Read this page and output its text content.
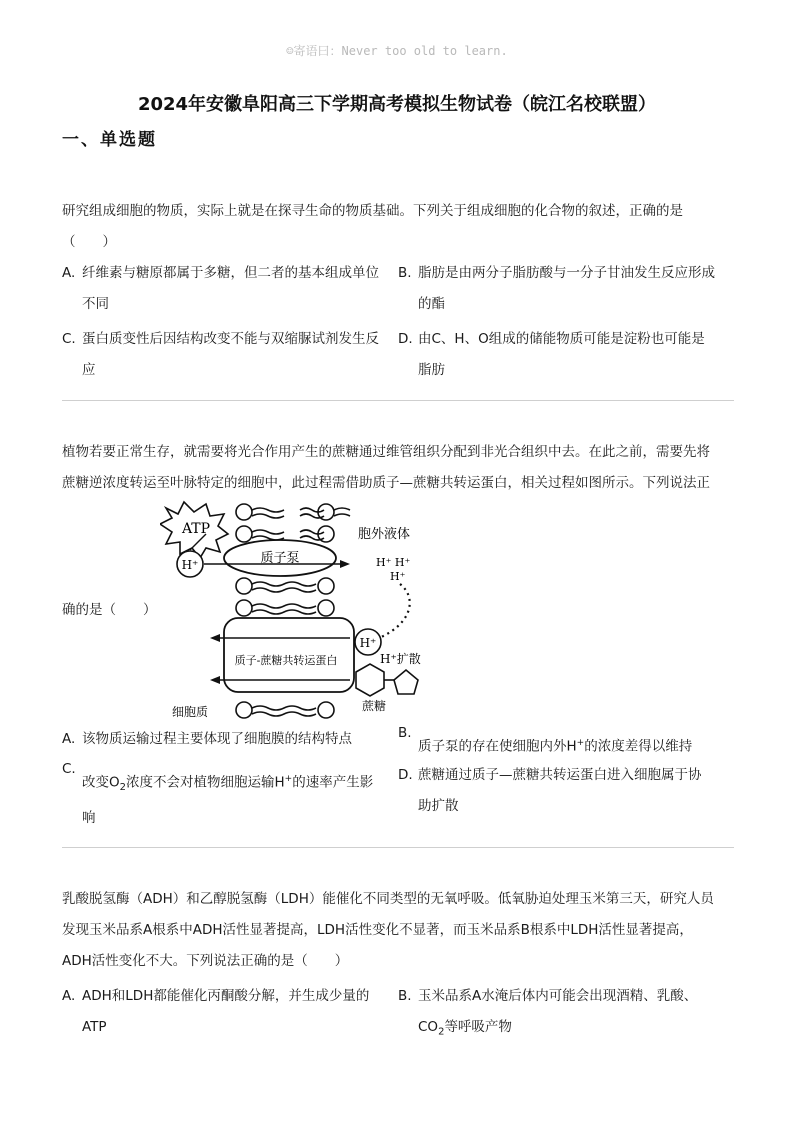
☺寄语曰：Never too old to learn.
2024年安徽阜阳高三下学期高考模拟生物试卷（皖江名校联盟）
一、单选题
研究组成细胞的物质，实际上就是在探寻生命的物质基础。下列关于组成细胞的化合物的叙述，正确的是
（　　）
A. 纤维素与糖原都属于多糖，但二者的基本组成单位
不同
B. 脂肪是由两分子脂肪酸与一分子甘油发生反应形成
的酯
C. 蛋白质变性后因结构改变不能与双缩脲试剂发生反
应
D. 由C、H、O组成的储能物质可能是淀粉也可能是
脂肪
植物若要正常生存，就需要将光合作用产生的蔗糖通过维管组织分配到非光合组织中去。在此之前，需要先将
蔗糖逆浓度转运至叶脉特定的细胞中，此过程需借助质子—蔗糖共转运蛋白，相关过程如图所示。下列说法正
确的是（　　）
ATP
H⁺	质子泵
胞外液体
H⁺ H⁺
H⁺
质子-蔗糖共转运蛋白
H⁺
H⁺扩散
蔗糖
细胞质
A. 该物质运输过程主要体现了细胞膜的结构特点	B.
质子泵的存在使细胞内外H+的浓度差得以维持
C.
改变$O_2$浓度不会对植物细胞运输H+的速率产生影
响
D. 蔗糖通过质子—蔗糖共转运蛋白进入细胞属于协
助扩散
乳酸脱氢酶（ADH）和乙醇脱氢酶（LDH）能催化不同类型的无氧呼吸。低氧胁迫处理玉米第三天，研究人员
发现玉米品系A根系中ADH活性显著提高，LDH活性变化不显著，而玉米品系B根系中LDH活性显著提高，
ADH活性变化不大。下列说法正确的是（　　）
A. ADH和LDH都能催化丙酮酸分解，并生成少量的
ATP
B. 玉米品系A水淹后体内可能会出现酒精、乳酸、
$CO_2$等呼吸产物
